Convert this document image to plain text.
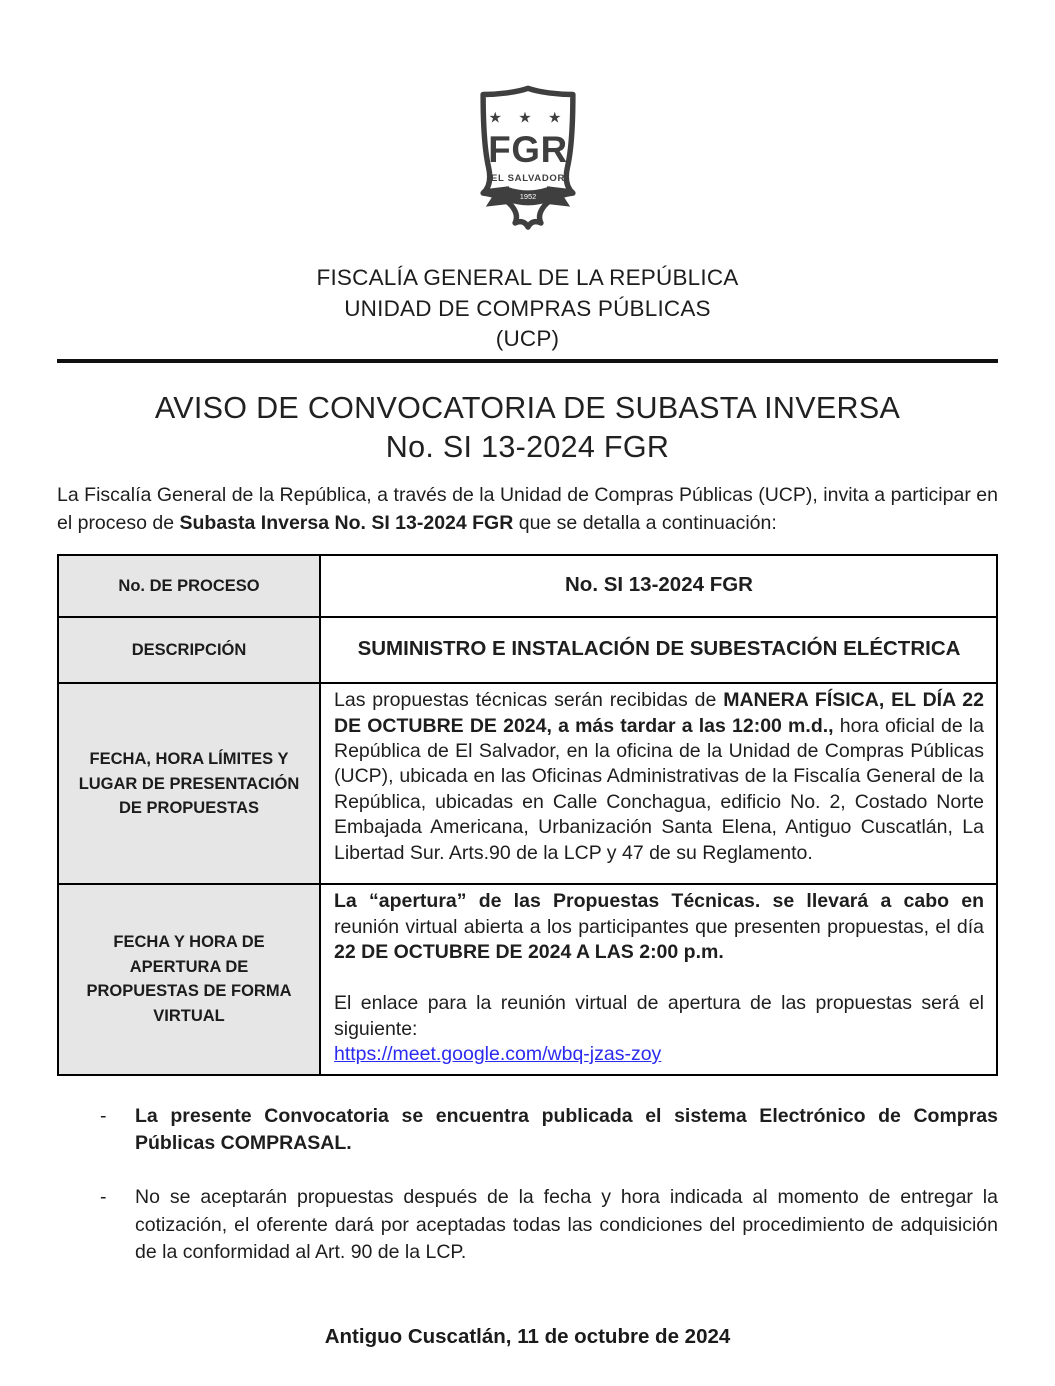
★ ★ ★
FGR
EL SALVADOR
1952
FISCALÍA GENERAL DE LA REPÚBLICA
UNIDAD DE COMPRAS PÚBLICAS
(UCP)
AVISO DE CONVOCATORIA DE SUBASTA INVERSA
No. SI 13-2024 FGR

La Fiscalía General de la República, a través de la Unidad de Compras Públicas (UCP), invita a participar en el proceso de Subasta Inversa No. SI 13-2024 FGR que se detalla a continuación:

No. DE PROCESO	No. SI 13-2024 FGR
DESCRIPCIÓN	SUMINISTRO E INSTALACIÓN DE SUBESTACIÓN ELÉCTRICA
FECHA, HORA LÍMITES Y LUGAR DE PRESENTACIÓN DE PROPUESTAS	Las propuestas técnicas serán recibidas de MANERA FÍSICA, EL DÍA 22 DE OCTUBRE DE 2024, a más tardar a las 12:00 m.d., hora oficial de la República de El Salvador, en la oficina de la Unidad de Compras Públicas (UCP), ubicada en las Oficinas Administrativas de la Fiscalía General de la República, ubicadas en Calle Conchagua, edificio No. 2, Costado Norte Embajada Americana, Urbanización Santa Elena, Antiguo Cuscatlán, La Libertad Sur. Arts.90 de la LCP y 47 de su Reglamento.
FECHA Y HORA DE APERTURA DE PROPUESTAS DE FORMA VIRTUAL	La “apertura” de las Propuestas Técnicas. se llevará a cabo en reunión virtual abierta a los participantes que presenten propuestas, el día 22 DE OCTUBRE DE 2024 A LAS 2:00 p.m.

El enlace para la reunión virtual de apertura de las propuestas será el siguiente:

https://meet.google.com/wbq-jzas-zoy

-	La presente Convocatoria se encuentra publicada el sistema Electrónico de Compras Públicas COMPRASAL.
-	No se aceptarán propuestas después de la fecha y hora indicada al momento de entregar la cotización, el oferente dará por aceptadas todas las condiciones del procedimiento de adquisición de la conformidad al Art. 90 de la LCP.
Antiguo Cuscatlán, 11 de octubre de 2024
